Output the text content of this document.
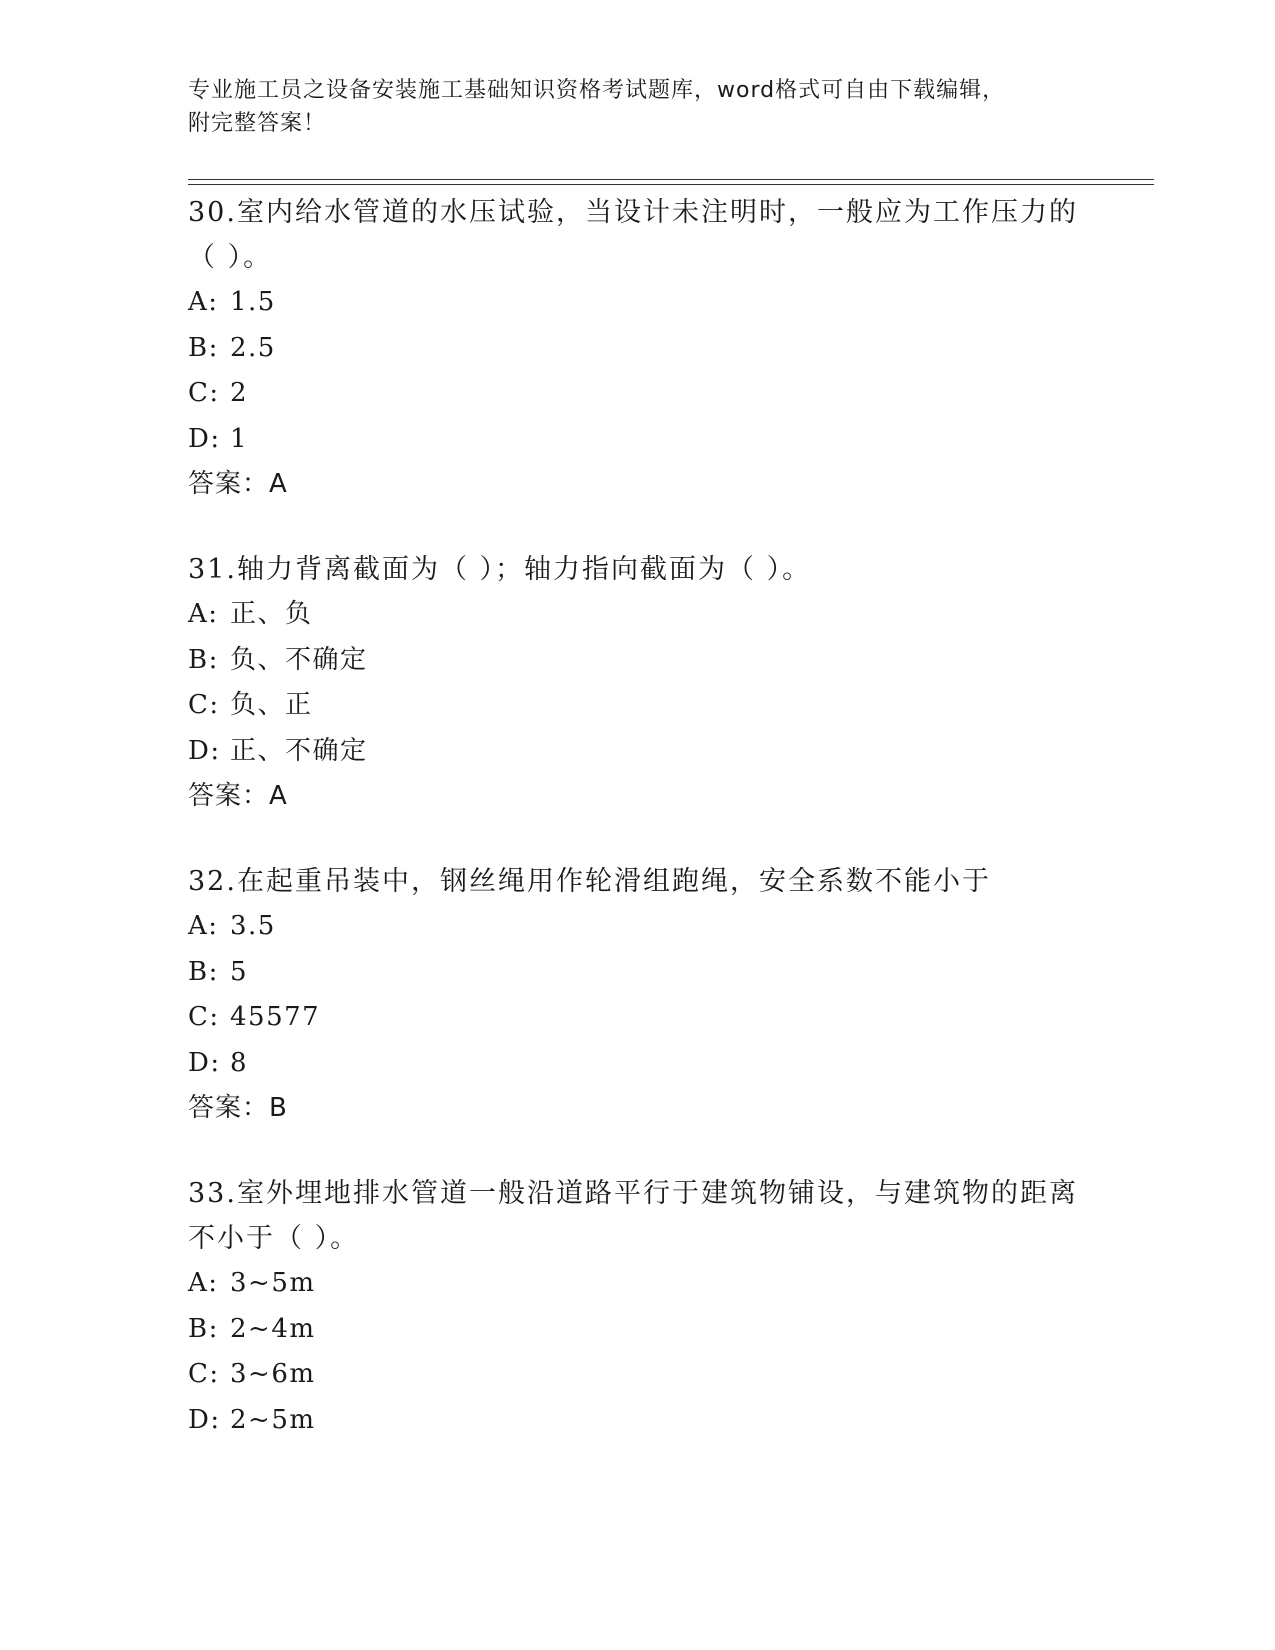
专业施工员之设备安装施工基础知识资格考试题库，word格式可自由下载编辑，
附完整答案！
30.室内给水管道的水压试验，当设计未注明时，一般应为工作压力的
（ ）。
A: 1.5
B: 2.5
C: 2
D: 1
答案：A
31.轴力背离截面为（ ）；轴力指向截面为（ ）。
A: 正、负
B: 负、不确定
C: 负、正
D: 正、不确定
答案：A
32.在起重吊装中，钢丝绳用作轮滑组跑绳，安全系数不能小于
A: 3.5
B: 5
C: 45577
D: 8
答案：B
33.室外埋地排水管道一般沿道路平行于建筑物铺设，与建筑物的距离
不小于（ ）。
A: 3~5m
B: 2~4m
C: 3~6m
D: 2~5m
